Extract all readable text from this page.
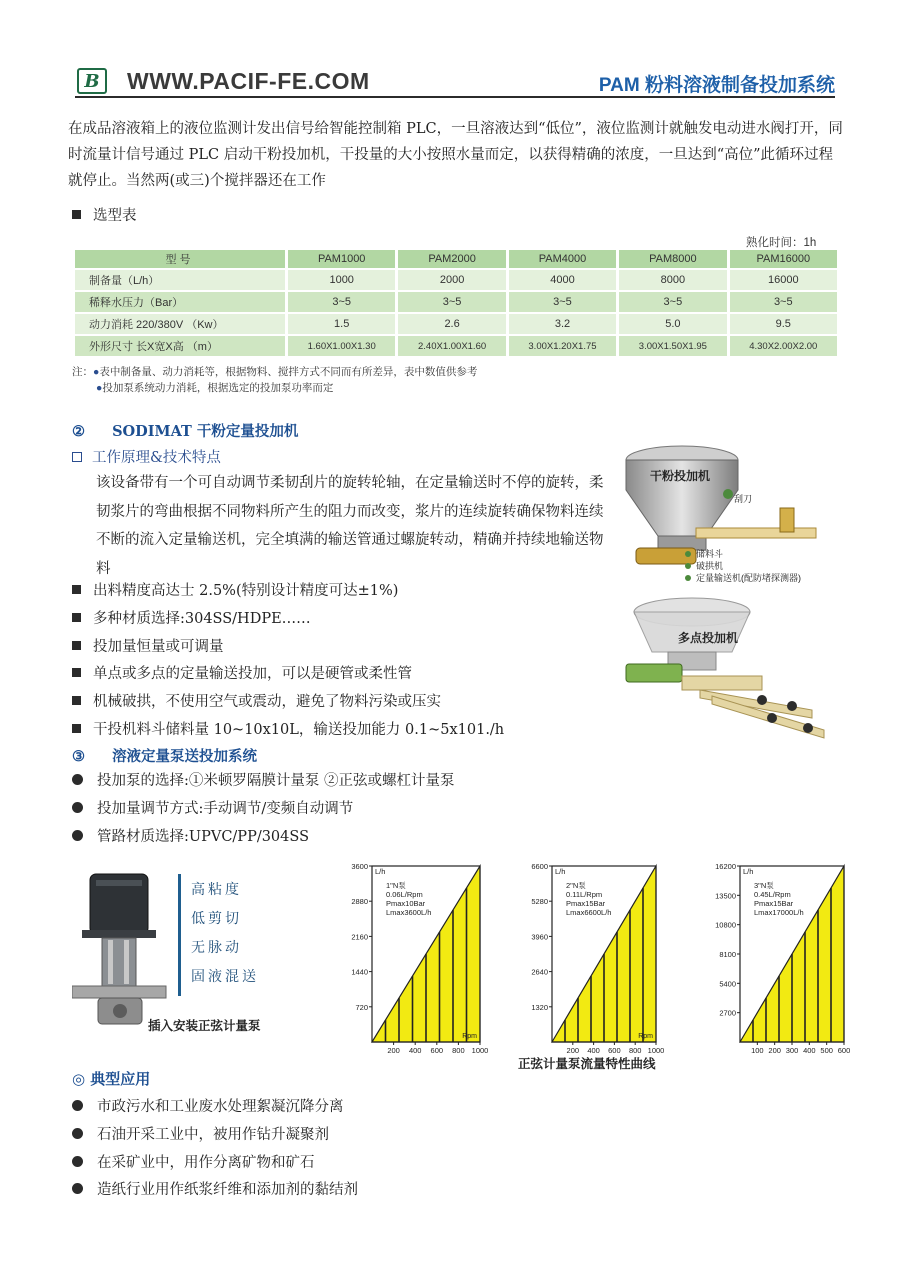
B	WWW.PACIF-FE.COM	PAM 粉料溶液制备投加系统
在成品溶液箱上的液位监测计发出信号给智能控制箱 PLC，一旦溶液达到“低位”，液位监测计就触发电动进水阀打开，同时流量计信号通过 PLC 启动干粉投加机，干投量的大小按照水量而定，以获得精确的浓度，一旦达到“高位”此循环过程就停止。当然两(或三)个搅拌器还在工作
选型表
熟化时间：1h
型 号	PAM1000	PAM2000	PAM4000	PAM8000	PAM16000
制备量（L/h）	1000	2000	4000	8000	16000
稀释水压力（Bar）	3~5	3~5	3~5	3~5	3~5
动力消耗 220/380V （Kw）	1.5	2.6	3.2	5.0	9.5
外形尺寸 长X宽X高 （m）	1.60X1.00X1.30	2.40X1.00X1.60	3.00X1.20X1.75	3.00X1.50X1.95	4.30X2.00X2.00
注：●表中制备量、动力消耗等，根据物料、搅拌方式不同而有所差异，表中数值供参考
●投加泵系统动力消耗，根据选定的投加泵功率而定
② SODIMAT 干粉定量投加机
工作原理&技术特点
该设备带有一个可自动调节柔韧刮片的旋转轮轴，在定量输送时不停的旋转，柔韧浆片的弯曲根据不同物料所产生的阻力而改变，浆片的连续旋转确保物料连续不断的流入定量输送机，完全填满的输送管通过螺旋转动，精确并持续地输送物料
出料精度高达士 2.5%(特别设计精度可达±1%)
多种材质选择:304SS/HDPE……
投加量恒量或可调量
单点或多点的定量输送投加，可以是硬管或柔性管
机械破拱，不使用空气或震动，避免了物料污染或压实
干投机料斗储料量 10~10x10L，输送投加能力 0.1~5x101./h
干粉投加机
刮刀
储料斗
破拱机
定量输送机(配防堵探测器)
多点投加机
③ 溶液定量泵送投加系统
投加泵的选择:①米顿罗隔膜计量泵 ②正弦或螺杠计量泵
投加量调节方式:手动调节/变频自动调节
管路材质选择:UPVC/PP/304SS
高粘度
低剪切
无脉动
固液混送
插入安装正弦计量泵
720
1440
2160
2880
3600
200 400 600 800 1000
L/h
Rpm
1"N泵
0.06L/Rpm
Pmax10Bar
Lmax3600L/h
1320
2640
3960
5280
6600
200 400 600 800 1000
L/h
Rpm
2"N泵
0.11L/Rpm
Pmax15Bar
Lmax6600L/h
2700
5400
8100
10800
13500
16200
100 200 300 400 500 600
L/h
3"N泵
0.45L/Rpm
Pmax15Bar
Lmax17000L/h
正弦计量泵流量特性曲线
◎ 典型应用
市政污水和工业废水处理絮凝沉降分离
石油开采工业中，被用作钻升凝聚剂
在采矿业中，用作分离矿物和矿石
造纸行业用作纸浆纤维和添加剂的黏结剂
